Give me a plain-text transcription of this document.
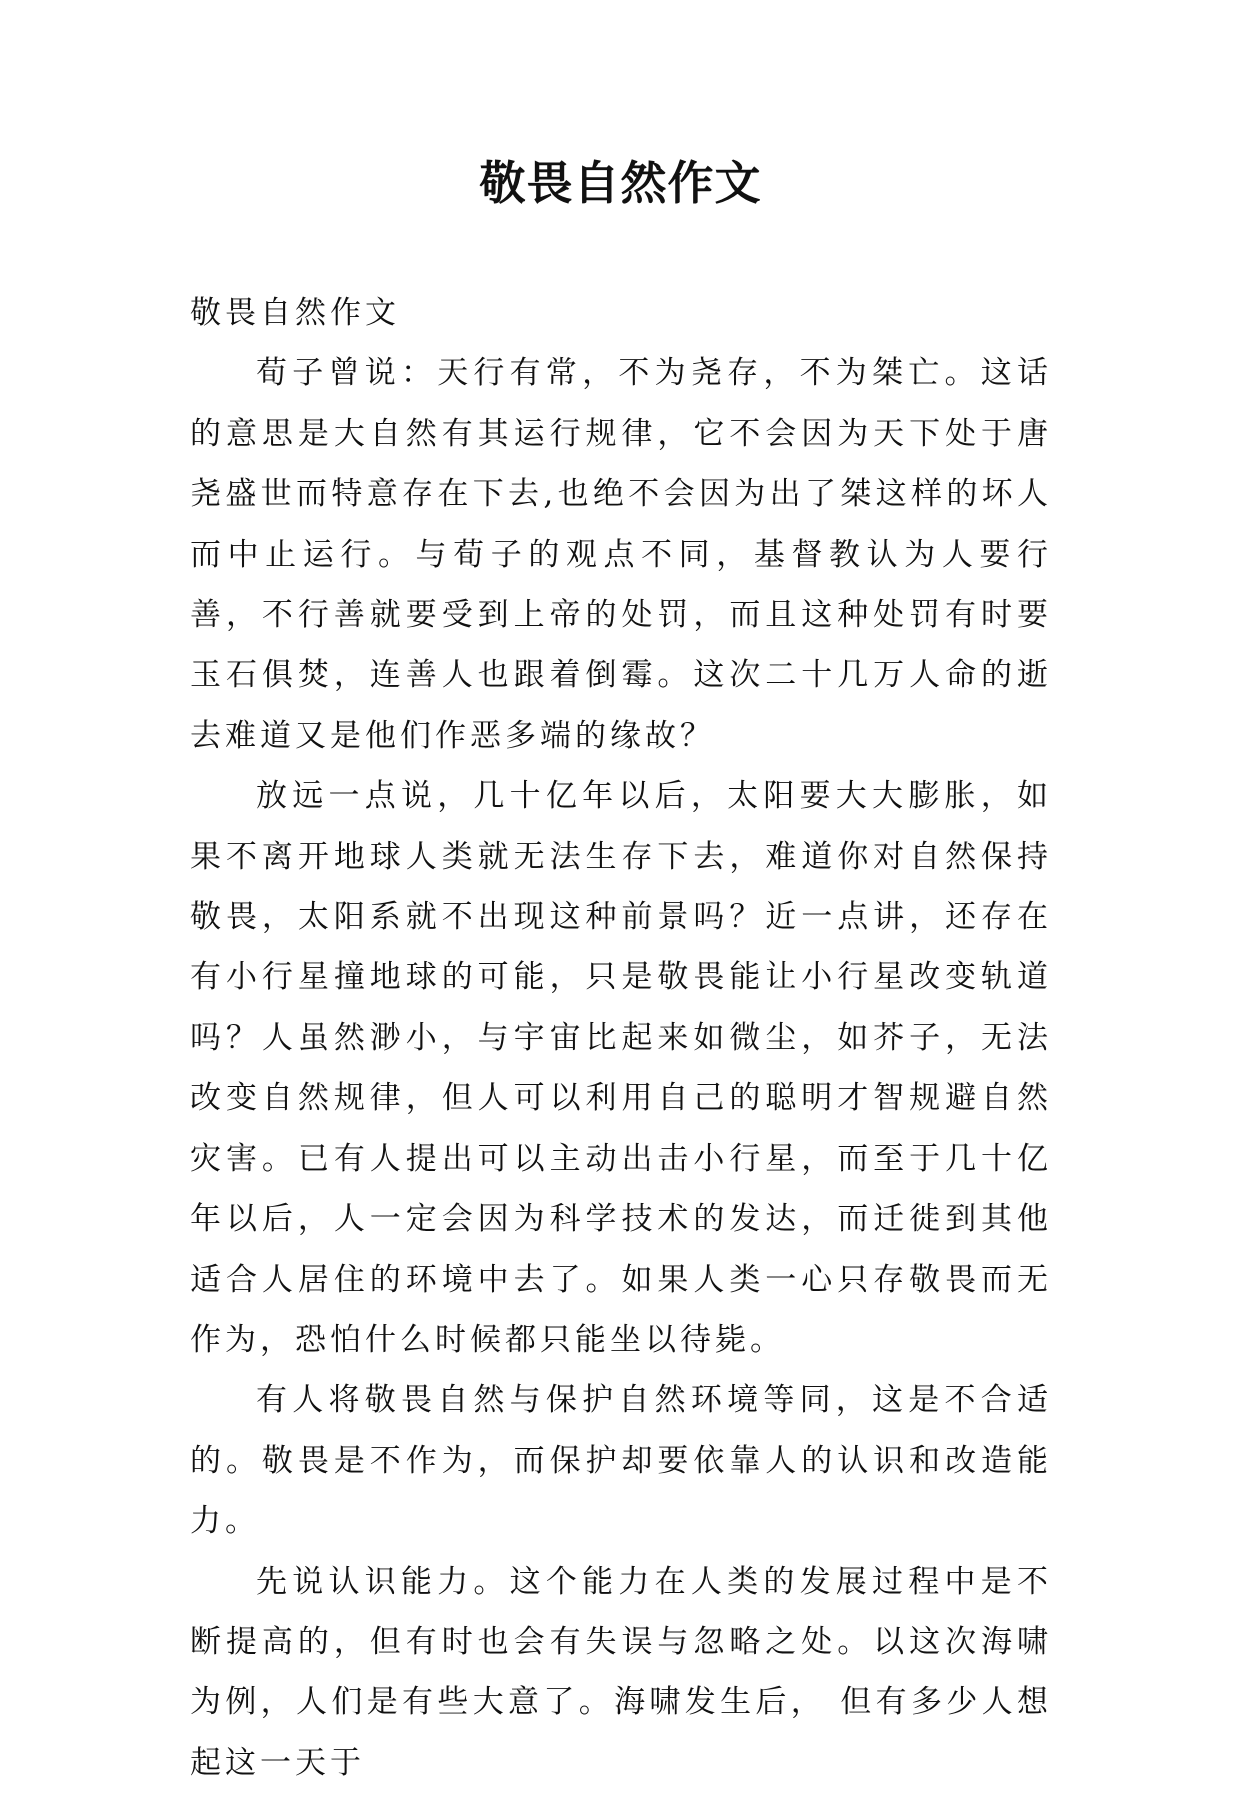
敬畏自然作文

敬畏自然作文

荀子曾说：天行有常，不为尧存，不为桀亡。这话的意思是大自然有其运行规律，它不会因为天下处于唐尧盛世而特意存在下去,也绝不会因为出了桀这样的坏人而中止运行。与荀子的观点不同，基督教认为人要行善，不行善就要受到上帝的处罚，而且这种处罚有时要玉石俱焚，连善人也跟着倒霉。这次二十几万人命的逝去难道又是他们作恶多端的缘故？

放远一点说，几十亿年以后，太阳要大大膨胀，如果不离开地球人类就无法生存下去，难道你对自然保持敬畏，太阳系就不出现这种前景吗？近一点讲，还存在有小行星撞地球的可能，只是敬畏能让小行星改变轨道吗？人虽然渺小，与宇宙比起来如微尘，如芥子，无法改变自然规律，但人可以利用自己的聪明才智规避自然灾害。已有人提出可以主动出击小行星，而至于几十亿年以后，人一定会因为科学技术的发达，而迁徙到其他适合人居住的环境中去了。如果人类一心只存敬畏而无作为，恐怕什么时候都只能坐以待毙。

有人将敬畏自然与保护自然环境等同，这是不合适的。敬畏是不作为，而保护却要依靠人的认识和改造能力。

先说认识能力。这个能力在人类的发展过程中是不断提高的，但有时也会有失误与忽略之处。以这次海啸为例，人们是有些大意了。海啸发生后， 但有多少人想起这一天于
